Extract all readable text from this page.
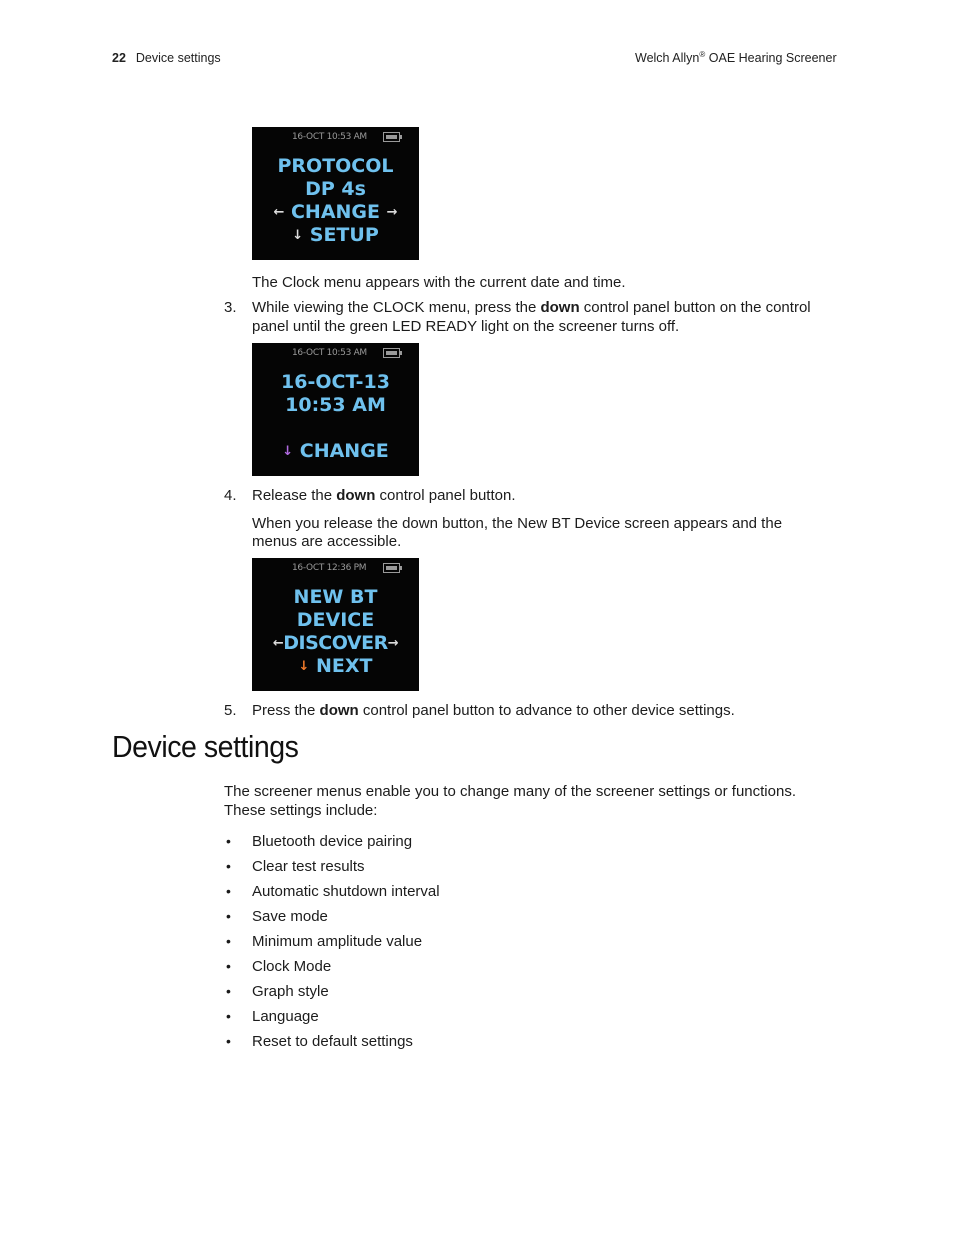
22 Device settings	Welch Allyn® OAE Hearing Screener
16-OCT 10:53 AM
PROTOCOL
DP 4s
← CHANGE →
↓ SETUP
The Clock menu appears with the current date and time.
3. While viewing the CLOCK menu, press the down control panel button on the control
panel until the green LED READY light on the screener turns off.
16-OCT 10:53 AM
16-OCT-13
10:53 AM
↓ CHANGE
4. Release the down control panel button.
When you release the down button, the New BT Device screen appears and the
menus are accessible.
16-OCT 12:36 PM
NEW BT
DEVICE
←DISCOVER→
↓ NEXT
5. Press the down control panel button to advance to other device settings.
Device settings
The screener menus enable you to change many of the screener settings or functions.
These settings include:
• Bluetooth device pairing
• Clear test results
• Automatic shutdown interval
• Save mode
• Minimum amplitude value
• Clock Mode
• Graph style
• Language
• Reset to default settings
